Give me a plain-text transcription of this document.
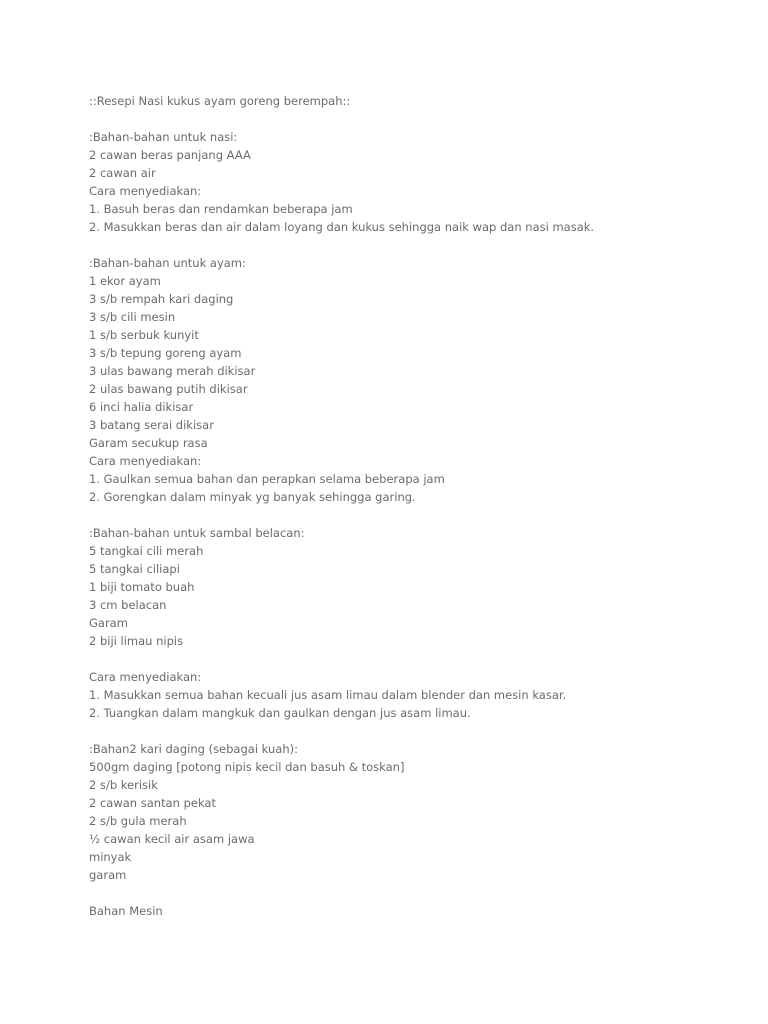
::Resepi Nasi kukus ayam goreng berempah::
:Bahan-bahan untuk nasi:
2 cawan beras panjang AAA
2 cawan air
Cara menyediakan:
1. Basuh beras dan rendamkan beberapa jam
2. Masukkan beras dan air dalam loyang dan kukus sehingga naik wap dan nasi masak.
:Bahan-bahan untuk ayam:
1 ekor ayam
3 s/b rempah kari daging
3 s/b cili mesin
1 s/b serbuk kunyit
3 s/b tepung goreng ayam
3 ulas bawang merah dikisar
2 ulas bawang putih dikisar
6 inci halia dikisar
3 batang serai dikisar
Garam secukup rasa
Cara menyediakan:
1. Gaulkan semua bahan dan perapkan selama beberapa jam
2. Gorengkan dalam minyak yg banyak sehingga garing.
:Bahan-bahan untuk sambal belacan:
5 tangkai cili merah
5 tangkai ciliapi
1 biji tomato buah
3 cm belacan
Garam
2 biji limau nipis
Cara menyediakan:
1. Masukkan semua bahan kecuali jus asam limau dalam blender dan mesin kasar.
2. Tuangkan dalam mangkuk dan gaulkan dengan jus asam limau.
:Bahan2 kari daging (sebagai kuah):
500gm daging [potong nipis kecil dan basuh & toskan]
2 s/b kerisik
2 cawan santan pekat
2 s/b gula merah
½ cawan kecil air asam jawa
minyak
garam
Bahan Mesin
